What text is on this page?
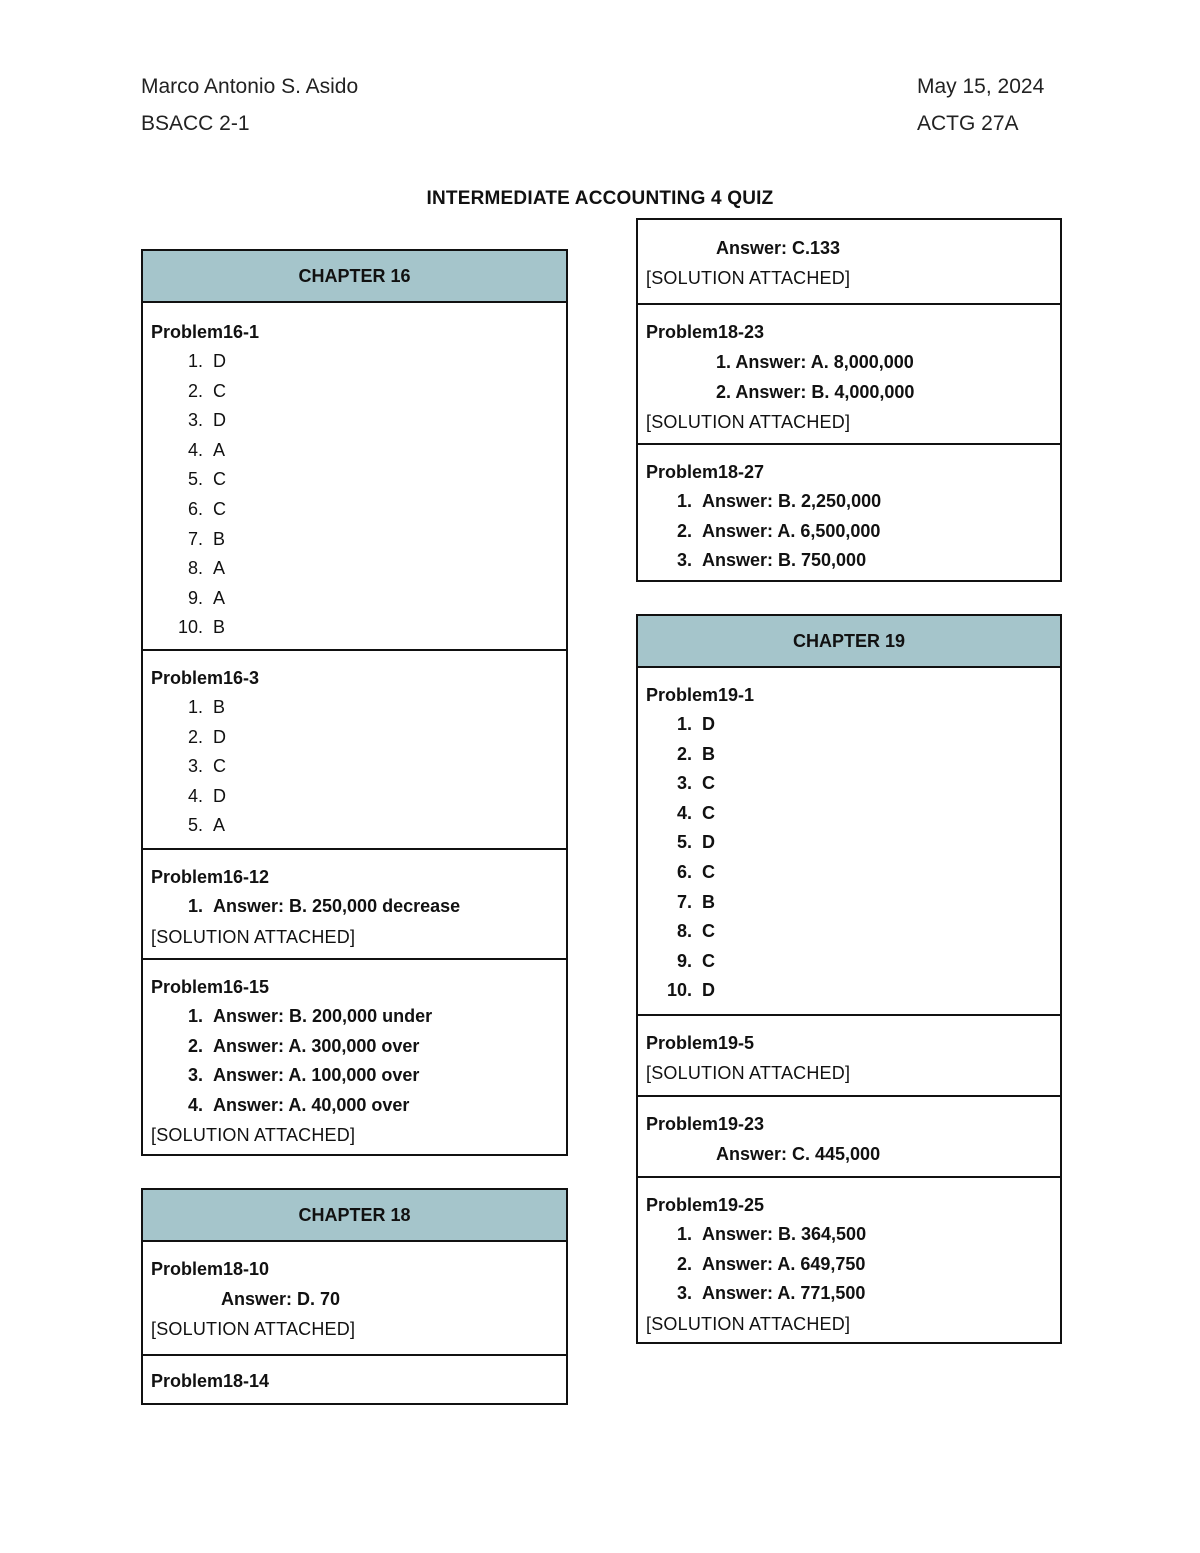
Marco Antonio S. Asido
BSACC 2-1
May 15, 2024
ACTG 27A
INTERMEDIATE ACCOUNTING 4 QUIZ
CHAPTER 16
Problem16-1
1. D
2. C
3. D
4. A
5. C
6. C
7. B
8. A
9. A
10. B
Problem16-3
1. B
2. D
3. C
4. D
5. A
Problem16-12
1. Answer: B. 250,000 decrease
[SOLUTION ATTACHED]
Problem16-15
1. Answer: B. 200,000 under
2. Answer: A. 300,000 over
3. Answer: A. 100,000 over
4. Answer: A. 40,000 over
[SOLUTION ATTACHED]
CHAPTER 18
Problem18-10
Answer: D. 70
[SOLUTION ATTACHED]
Problem18-14
Answer: C.133
[SOLUTION ATTACHED]
Problem18-23
1. Answer: A. 8,000,000
2. Answer: B. 4,000,000
[SOLUTION ATTACHED]
Problem18-27
1. Answer: B. 2,250,000
2. Answer: A. 6,500,000
3. Answer: B. 750,000
CHAPTER 19
Problem19-1
1. D
2. B
3. C
4. C
5. D
6. C
7. B
8. C
9. C
10. D
Problem19-5
[SOLUTION ATTACHED]
Problem19-23
Answer: C. 445,000
Problem19-25
1. Answer: B. 364,500
2. Answer: A. 649,750
3. Answer: A. 771,500
[SOLUTION ATTACHED]
